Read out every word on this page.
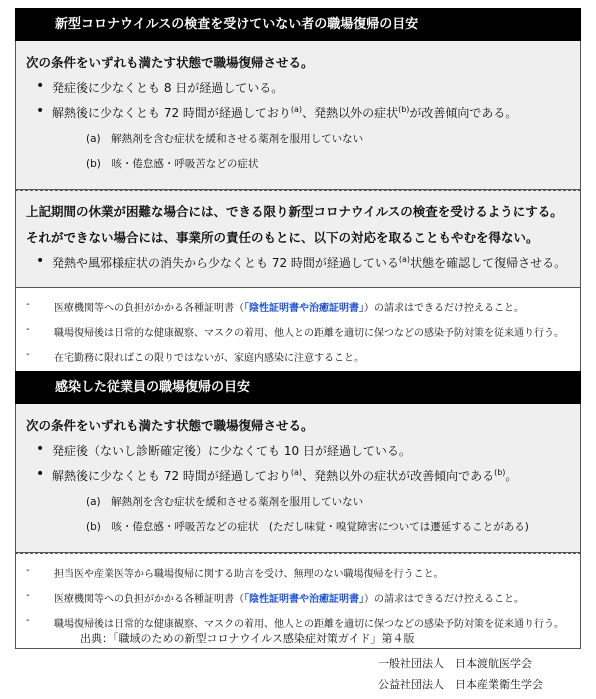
新型コロナウイルスの検査を受けていない者の職場復帰の目安
次の条件をいずれも満たす状態で職場復帰させる。
• 発症後に少なくとも 8 日が経過している。
• 解熱後に少なくとも 72 時間が経過しており$^{(a)}$、発熱以外の症状$^{(b)}$が改善傾向である。
(a)　解熱剤を含む症状を緩和させる薬剤を服用していない
(b)　咳・倦怠感・呼吸苦などの症状
上記期間の休業が困難な場合には、できる限り新型コロナウイルスの検査を受けるようにする。
それができない場合には、事業所の責任のもとに、以下の対応を取ることもやむを得ない。
• 発熱や風邪様症状の消失から少なくとも 72 時間が経過している$^{(a)}$状態を確認して復帰させる。
- 医療機関等への負担がかかる各種証明書（「陰性証明書や治癒証明書」）の請求はできるだけ控えること。
- 職場復帰後は日常的な健康観察、マスクの着用、他人との距離を適切に保つなどの感染予防対策を従来通り行う。
- 在宅勤務に限ればこの限りではないが、家庭内感染に注意すること。
感染した従業員の職場復帰の目安
次の条件をいずれも満たす状態で職場復帰させる。
• 発症後（ないし診断確定後）に少なくても 10 日が経過している。
• 解熱後に少なくとも 72 時間が経過しており$^{(a)}$、発熱以外の症状が改善傾向である$^{(b)}$。
(a)　解熱剤を含む症状を緩和させる薬剤を服用していない
(b)　咳・倦怠感・呼吸苦などの症状　(ただし味覚・嗅覚障害については遷延することがある)
- 担当医や産業医等から職場復帰に関する助言を受け、無理のない職場復帰を行うこと。
- 医療機関等への負担がかかる各種証明書（「陰性証明書や治癒証明書」）の請求はできるだけ控えること。
- 職場復帰後は日常的な健康観察、マスクの着用、他人との距離を適切に保つなどの感染予防対策を従来通り行う。
出典：「職域のための新型コロナウイルス感染症対策ガイド」第４版
一般社団法人　日本渡航医学会
公益社団法人　日本産業衛生学会
